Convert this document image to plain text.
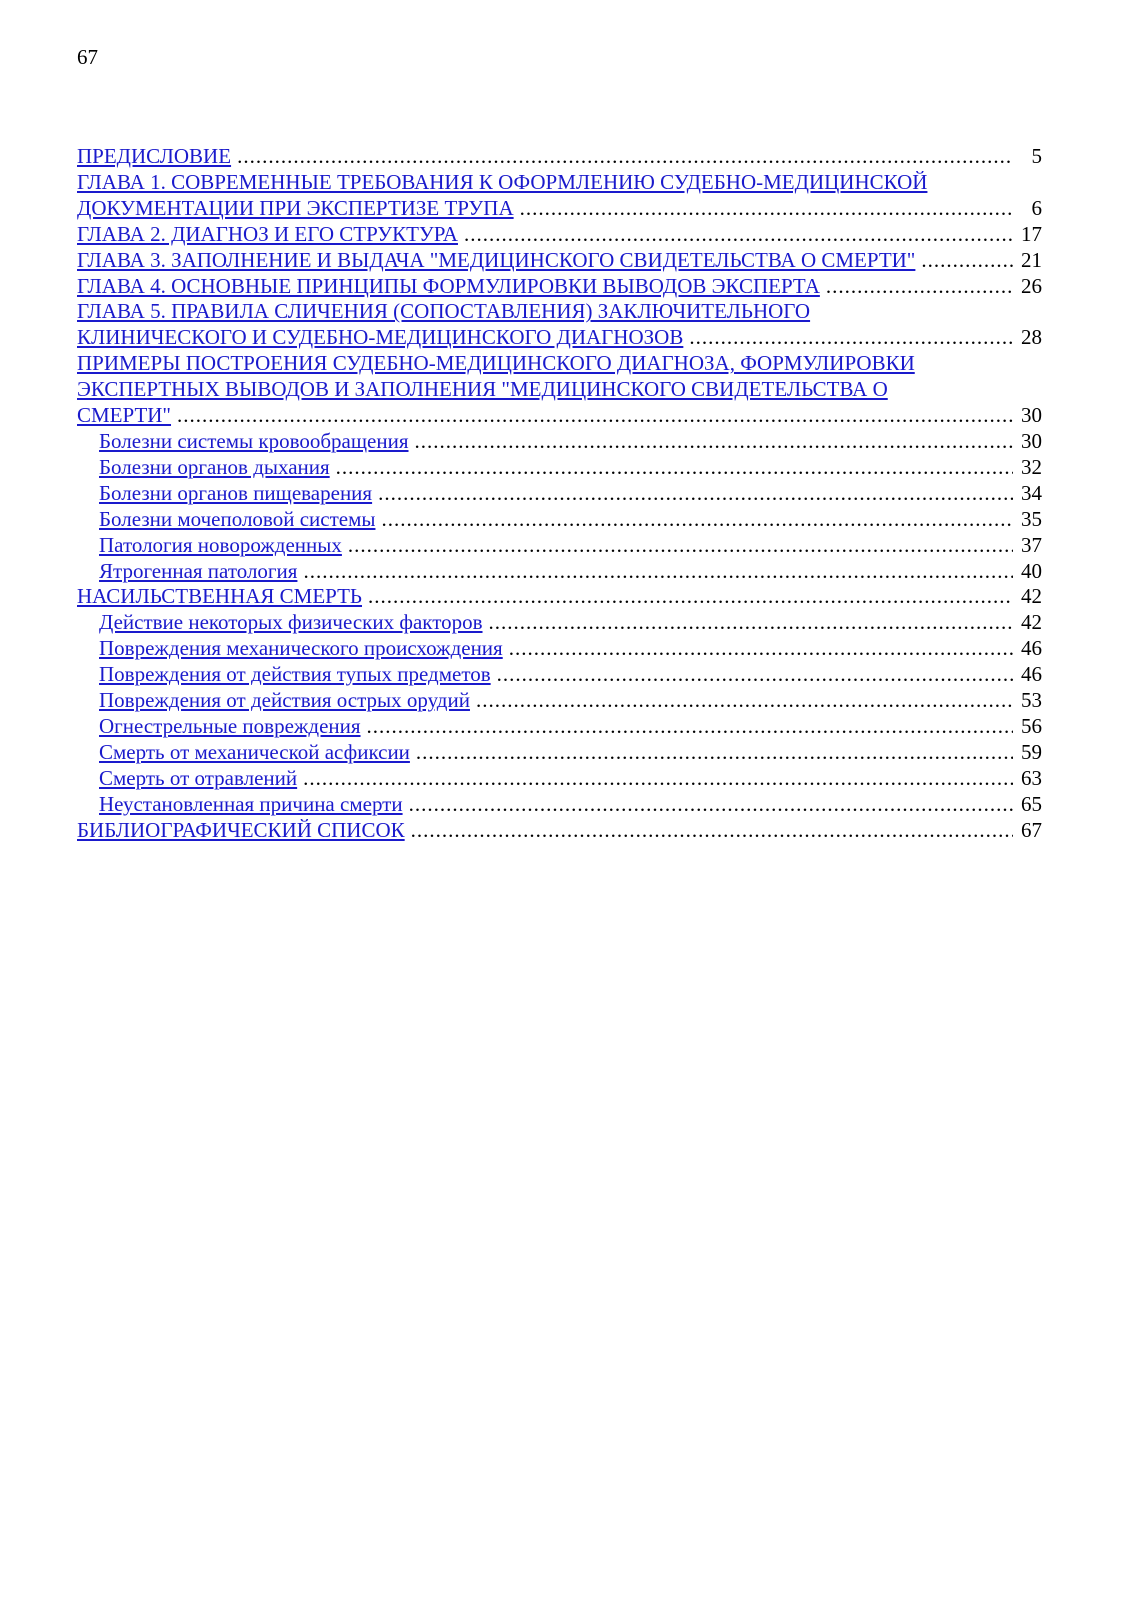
67
ПРЕДИСЛОВИЕ .....	5
ГЛАВА 1. СОВРЕМЕННЫЕ ТРЕБОВАНИЯ К ОФОРМЛЕНИЮ СУДЕБНО-МЕДИЦИНСКОЙ
ДОКУМЕНТАЦИИ ПРИ ЭКСПЕРТИЗЕ ТРУПА .....	6
ГЛАВА 2. ДИАГНОЗ И ЕГО СТРУКТУРА .....	17
ГЛАВА 3. ЗАПОЛНЕНИЕ И ВЫДАЧА "МЕДИЦИНСКОГО СВИДЕТЕЛЬСТВА О СМЕРТИ" .....	21
ГЛАВА 4. ОСНОВНЫЕ ПРИНЦИПЫ ФОРМУЛИРОВКИ ВЫВОДОВ ЭКСПЕРТА .....	26
ГЛАВА 5. ПРАВИЛА СЛИЧЕНИЯ (СОПОСТАВЛЕНИЯ) ЗАКЛЮЧИТЕЛЬНОГО
КЛИНИЧЕСКОГО И СУДЕБНО-МЕДИЦИНСКОГО ДИАГНОЗОВ .....	28
ПРИМЕРЫ ПОСТРОЕНИЯ СУДЕБНО-МЕДИЦИНСКОГО ДИАГНОЗА, ФОРМУЛИРОВКИ
ЭКСПЕРТНЫХ ВЫВОДОВ И ЗАПОЛНЕНИЯ "МЕДИЦИНСКОГО СВИДЕТЕЛЬСТВА О
СМЕРТИ" .....	30
Болезни системы кровообращения .....	30
Болезни органов дыхания .....	32
Болезни органов пищеварения .....	34
Болезни мочеполовой системы .....	35
Патология новорожденных .....	37
Ятрогенная патология .....	40
НАСИЛЬСТВЕННАЯ СМЕРТЬ .....	42
Действие некоторых физических факторов .....	42
Повреждения механического происхождения .....	46
Повреждения от действия тупых предметов .....	46
Повреждения от действия острых орудий .....	53
Огнестрельные повреждения .....	56
Смерть от механической асфиксии .....	59
Смерть от отравлений .....	63
Неустановленная причина смерти .....	65
БИБЛИОГРАФИЧЕСКИЙ СПИСОК .....	67
